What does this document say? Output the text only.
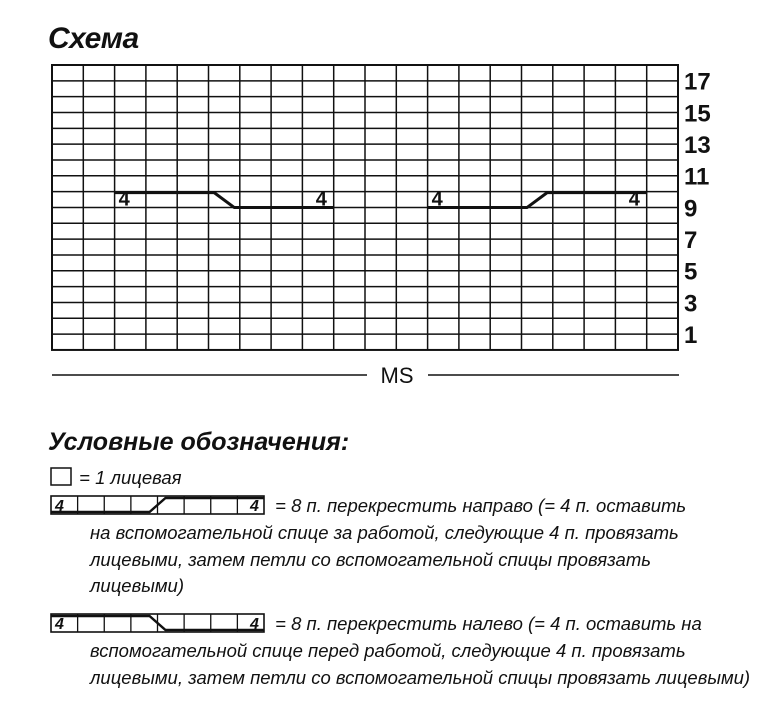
Схема
4	4	4	4
17
15
13
11
9
7
5
3
1
MS
Условные обозначения:
= 1 лицевая
4	4 = 8 п. перекрестить направо (= 4 п. оставить
на вспомогательной спице за работой, следующие 4 п. провязать
лицевыми, затем петли со вспомогательной спицы провязать
лицевыми)
4	4 = 8 п. перекрестить налево (= 4 п. оставить на
вспомогательной спице перед работой, следующие 4 п. провязать
лицевыми, затем петли со вспомогательной спицы провязать лицевыми)
